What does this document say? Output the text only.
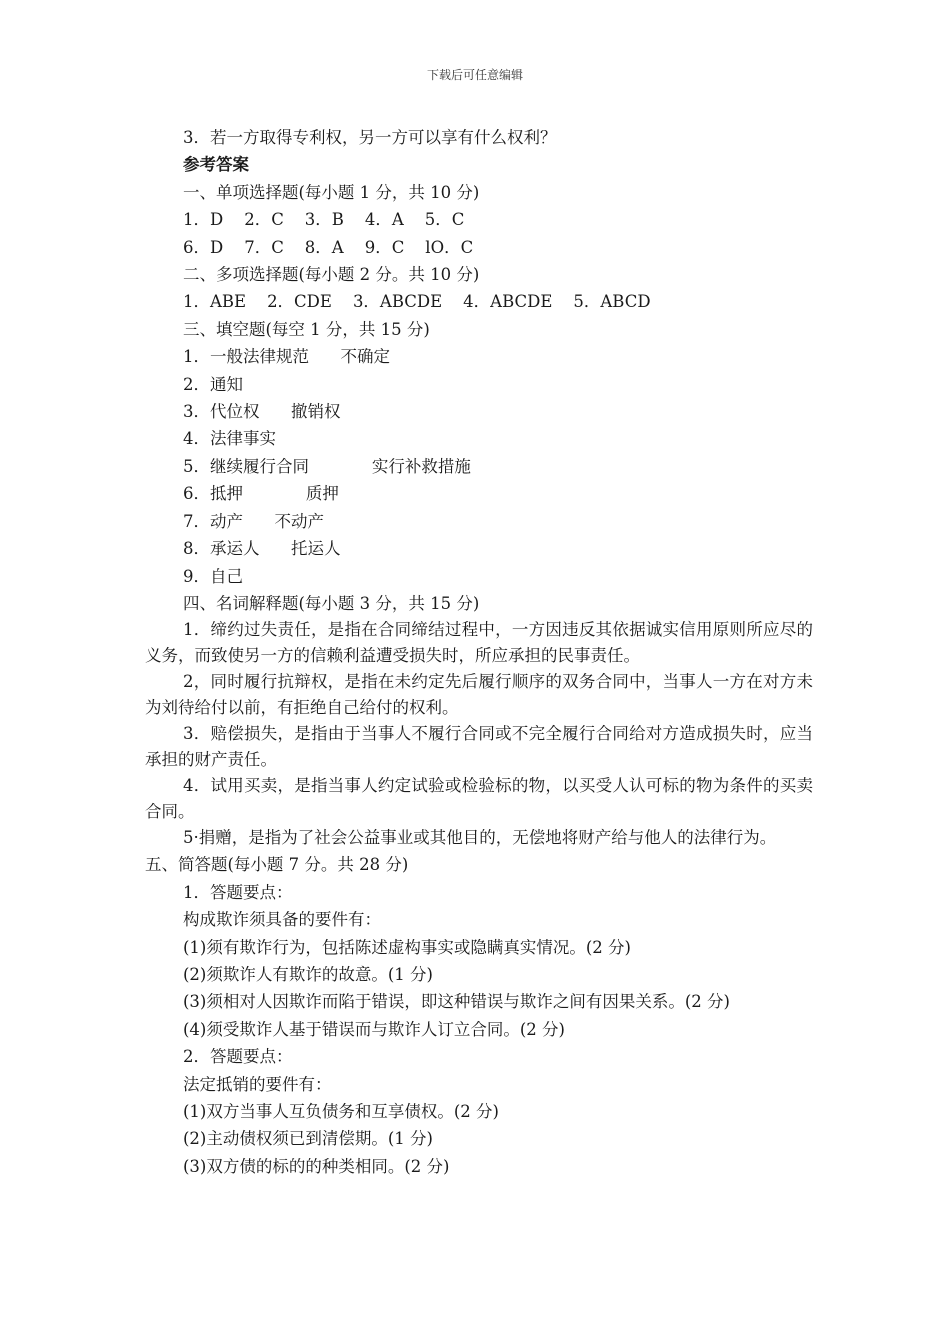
下载后可任意编辑

3．若一方取得专利权，另一方可以享有什么权利？

参考答案

一、单项选择题(每小题 1 分，共 10 分)

1．D    2．C    3．B    4．A    5．C

6．D    7．C    8．A    9．C    lO．C

二、多项选择题(每小题 2 分。共 10 分)

1．ABE    2．CDE    3．ABCDE    4．ABCDE    5．ABCD

三、填空题(每空 1 分，共 15 分)

1．一般法律规范      不确定

2．通知

3．代位权      撤销权

4．法律事实

5．继续履行合同            实行补救措施

6．抵押            质押

7．动产      不动产

8．承运人      托运人

9．自己

四、名词解释题(每小题 3 分，共 15 分)

1．缔约过失责任，是指在合同缔结过程中，一方因违反其依据诚实信用原则所应尽的义务，而致使另一方的信赖利益遭受损失时，所应承担的民事责任。

2，同时履行抗辩权，是指在未约定先后履行顺序的双务合同中，当事人一方在对方未为刘待给付以前，有拒绝自己给付的权利。

3．赔偿损失，是指由于当事人不履行合同或不完全履行合同给对方造成损失时，应当承担的财产责任。

4．试用买卖，是指当事人约定试验或检验标的物，以买受人认可标的物为条件的买卖合同。

5·捐赠，是指为了社会公益事业或其他目的，无偿地将财产给与他人的法律行为。

五、简答题(每小题 7 分。共 28 分)

1．答题要点：

构成欺诈须具备的要件有：

(1)须有欺诈行为，包括陈述虚构事实或隐瞒真实情况。(2 分)

(2)须欺诈人有欺诈的故意。(1 分)

(3)须相对人因欺诈而陷于错误，即这种错误与欺诈之间有因果关系。(2 分)

(4)须受欺诈人基于错误而与欺诈人订立合同。(2 分)

2．答题要点：

法定抵销的要件有：

(1)双方当事人互负债务和互享债权。(2 分)

(2)主动债权须已到清偿期。(1 分)

(3)双方债的标的的种类相同。(2 分)
